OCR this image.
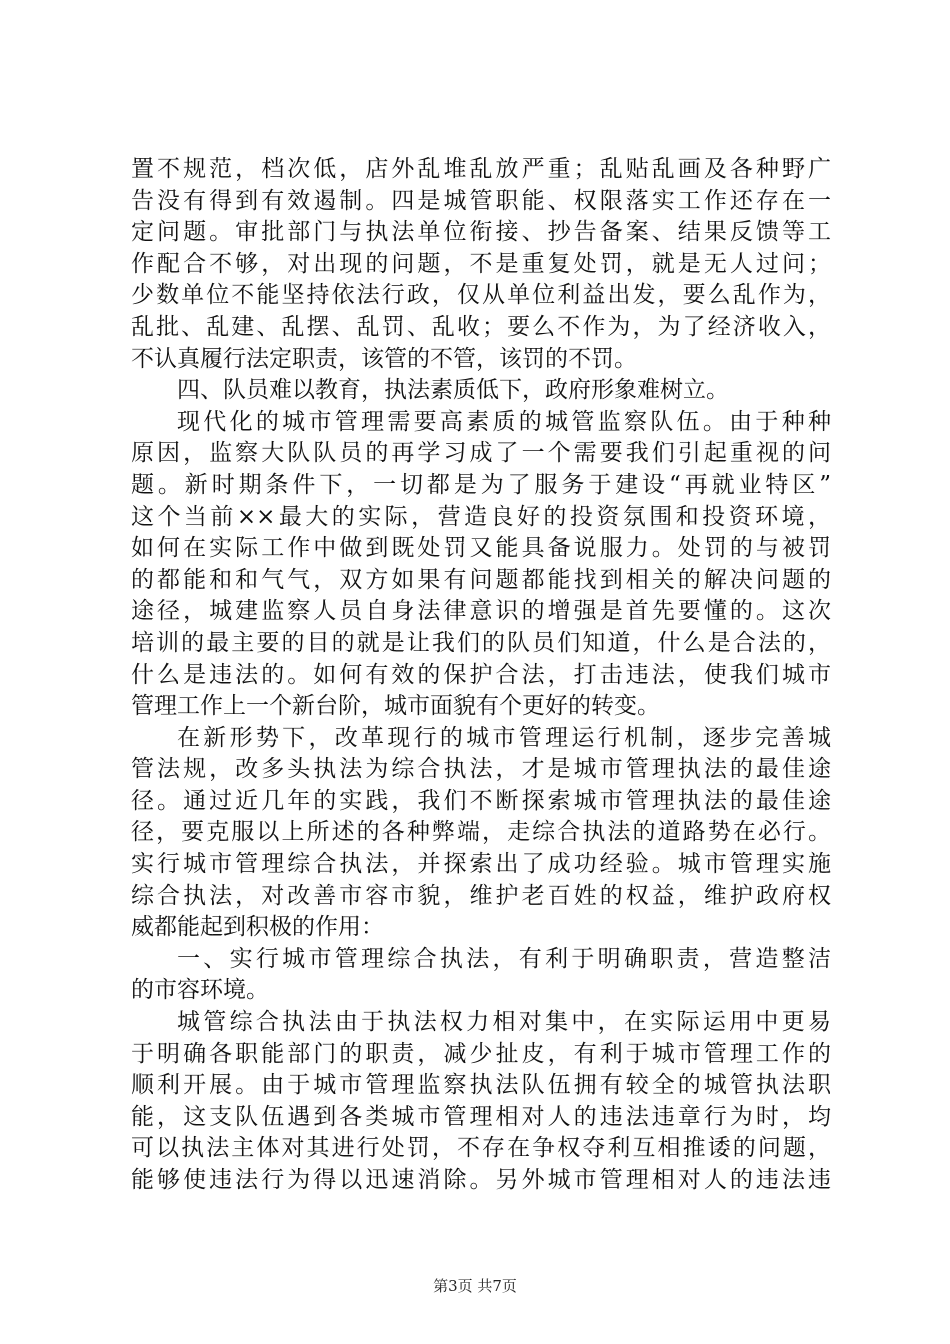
置不规范，档次低，店外乱堆乱放严重；乱贴乱画及各种野广
告没有得到有效遏制。四是城管职能、权限落实工作还存在一
定问题。审批部门与执法单位衔接、抄告备案、结果反馈等工
作配合不够，对出现的问题，不是重复处罚，就是无人过问；
少数单位不能坚持依法行政，仅从单位利益出发，要么乱作为，
乱批、乱建、乱摆、乱罚、乱收；要么不作为，为了经济收入，
不认真履行法定职责，该管的不管，该罚的不罚。
四、队员难以教育，执法素质低下，政府形象难树立。
现代化的城市管理需要高素质的城管监察队伍。由于种种
原因，监察大队队员的再学习成了一个需要我们引起重视的问
题。新时期条件下，一切都是为了服务于建设“再就业特区”
这个当前××最大的实际，营造良好的投资氛围和投资环境，
如何在实际工作中做到既处罚又能具备说服力。处罚的与被罚
的都能和和气气，双方如果有问题都能找到相关的解决问题的
途径，城建监察人员自身法律意识的增强是首先要懂的。这次
培训的最主要的目的就是让我们的队员们知道，什么是合法的，
什么是违法的。如何有效的保护合法，打击违法，使我们城市
管理工作上一个新台阶，城市面貌有个更好的转变。
在新形势下，改革现行的城市管理运行机制，逐步完善城
管法规，改多头执法为综合执法，才是城市管理执法的最佳途
径。通过近几年的实践，我们不断探索城市管理执法的最佳途
径，要克服以上所述的各种弊端，走综合执法的道路势在必行。
实行城市管理综合执法，并探索出了成功经验。城市管理实施
综合执法，对改善市容市貌，维护老百姓的权益，维护政府权
威都能起到积极的作用：
一、实行城市管理综合执法，有利于明确职责，营造整洁
的市容环境。
城管综合执法由于执法权力相对集中，在实际运用中更易
于明确各职能部门的职责，减少扯皮，有利于城市管理工作的
顺利开展。由于城市管理监察执法队伍拥有较全的城管执法职
能，这支队伍遇到各类城市管理相对人的违法违章行为时，均
可以执法主体对其进行处罚，不存在争权夺利互相推诿的问题，
能够使违法行为得以迅速消除。另外城市管理相对人的违法违
第3页 共7页
